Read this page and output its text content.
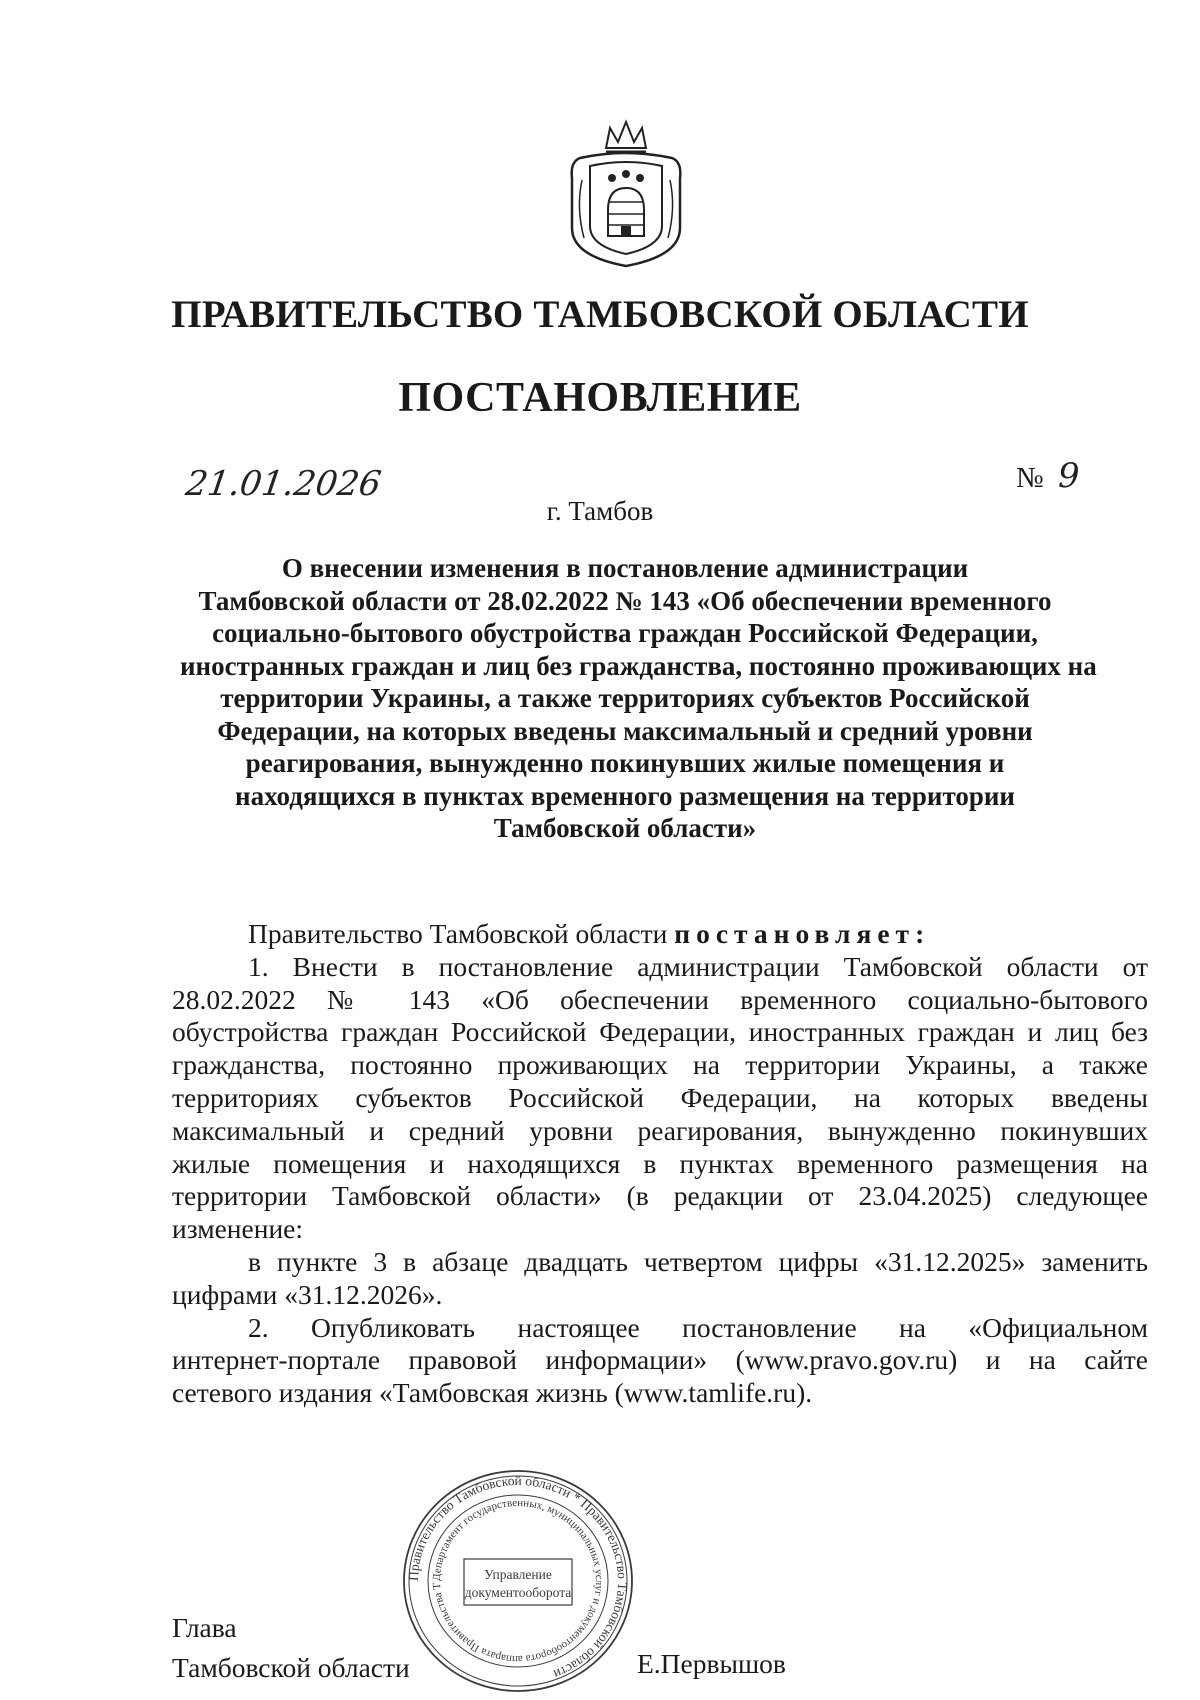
ПРАВИТЕЛЬСТВО ТАМБОВСКОЙ ОБЛАСТИ
ПОСТАНОВЛЕНИЕ
21.01.2026	№ 9
г. Тамбов
О внесении изменения в постановление администрации
Тамбовской области от 28.02.2022 № 143 «Об обеспечении временного
социально-бытового обустройства граждан Российской Федерации,
иностранных граждан и лиц без гражданства, постоянно проживающих на
территории Украины, а также территориях субъектов Российской
Федерации, на которых введены максимальный и средний уровни
реагирования, вынужденно покинувших жилые помещения и
находящихся в пунктах временного размещения на территории
Тамбовской области»
Правительство Тамбовской области постановляет:
1. Внести в постановление администрации Тамбовской области от
28.02.2022 № 143 «Об обеспечении временного социально-бытового
обустройства граждан Российской Федерации, иностранных граждан и лиц без
гражданства, постоянно проживающих на территории Украины, а также
территориях субъектов Российской Федерации, на которых введены
максимальный и средний уровни реагирования, вынужденно покинувших
жилые помещения и находящихся в пунктах временного размещения на
территории Тамбовской области» (в редакции от 23.04.2025) следующее
изменение:
в пункте 3 в абзаце двадцать четвертом цифры «31.12.2025» заменить
цифрами «31.12.2026».
2. Опубликовать настоящее постановление на «Официальном
интернет-портале правовой информации» (www.pravo.gov.ru) и на сайте
сетевого издания «Тамбовская жизнь (www.tamlife.ru).
Глава
Тамбовской области	Е.Первышов
Правительство Тамбовской области * Правительство Тамбовской области
Департамент государственных, муниципальных услуг и документооборота аппарата Правительства Т
Управление
документооборота
